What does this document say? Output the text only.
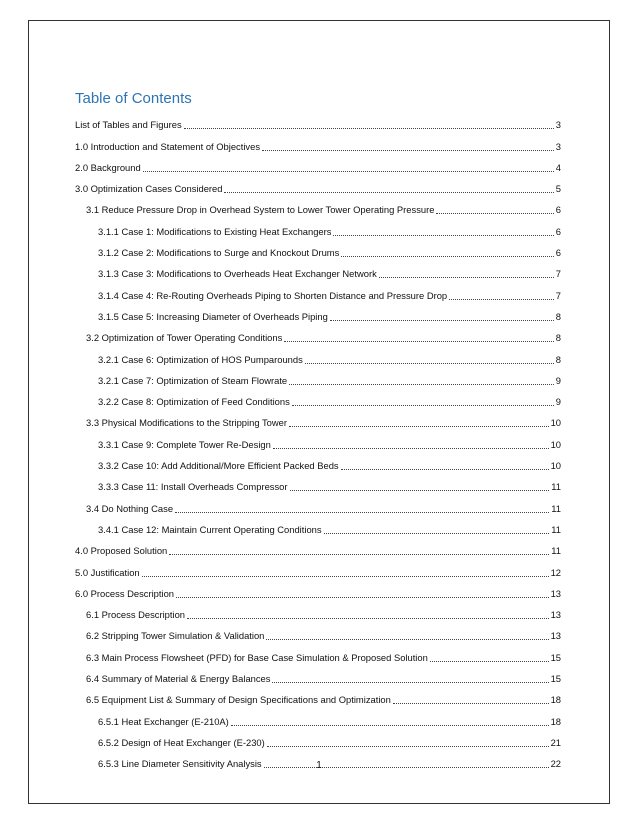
Table of Contents
List of Tables and Figures	3
1.0 Introduction and Statement of Objectives	3
2.0 Background	4
3.0 Optimization Cases Considered	5
3.1 Reduce Pressure Drop in Overhead System to Lower Tower Operating Pressure	6
3.1.1 Case 1: Modifications to Existing Heat Exchangers	6
3.1.2 Case 2: Modifications to Surge and Knockout Drums	6
3.1.3 Case 3: Modifications to Overheads Heat Exchanger Network	7
3.1.4 Case 4: Re-Routing Overheads Piping to Shorten Distance and Pressure Drop	7
3.1.5 Case 5: Increasing Diameter of Overheads Piping	8
3.2 Optimization of Tower Operating Conditions	8
3.2.1 Case 6: Optimization of HOS Pumparounds	8
3.2.1 Case 7: Optimization of Steam Flowrate	9
3.2.2 Case 8: Optimization of Feed Conditions	9
3.3 Physical Modifications to the Stripping Tower	10
3.3.1 Case 9: Complete Tower Re-Design	10
3.3.2 Case 10: Add Additional/More Efficient Packed Beds	10
3.3.3 Case 11: Install Overheads Compressor	11
3.4 Do Nothing Case	11
3.4.1 Case 12: Maintain Current Operating Conditions	11
4.0 Proposed Solution	11
5.0 Justification	12
6.0 Process Description	13
6.1 Process Description	13
6.2 Stripping Tower Simulation & Validation	13
6.3 Main Process Flowsheet (PFD) for Base Case Simulation & Proposed Solution	15
6.4 Summary of Material & Energy Balances	15
6.5 Equipment List & Summary of Design Specifications and Optimization	18
6.5.1 Heat Exchanger (E-210A)	18
6.5.2 Design of Heat Exchanger (E-230)	21
6.5.3 Line Diameter Sensitivity Analysis	22
1
